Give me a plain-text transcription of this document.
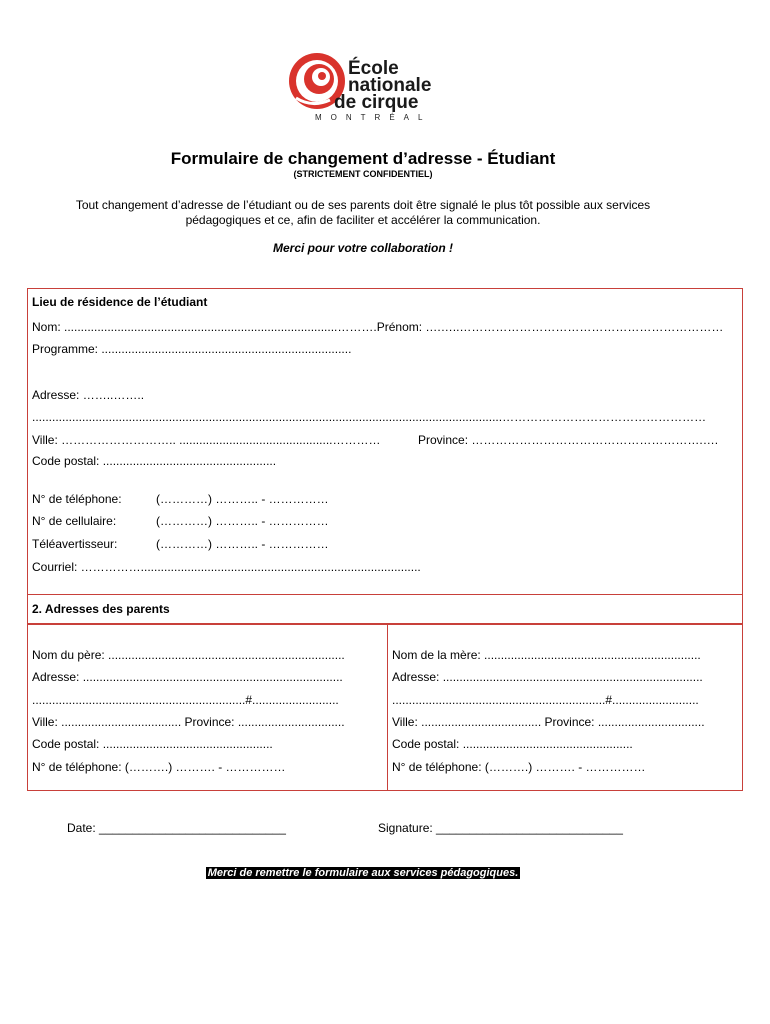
École
nationale
de cirque
MONTRÉAL
Formulaire de changement d’adresse - Étudiant
(STRICTEMENT CONFIDENTIEL)
Tout changement d’adresse de l’étudiant ou de ses parents doit être signalé le plus tôt possible aux services pédagogiques et ce, afin de faciliter et accélérer la communication.
Merci pour votre collaboration !
Lieu de résidence de l’étudiant
Nom: ..................................................................................……….Prénom: ….…..…………………………………………………………
Programme: ...........................................................................
Adresse: ……..……..
.............................................................................................................................................……………………………………………
Ville: ……………………….. ..............................................…………	Province: ………………………………………………….….
Code postal: ....................................................
N° de téléphone:	(…………) ……….. - ……………
N° de cellulaire:	(…………) ……….. - ……………
Téléavertisseur:	(…………) ……….. - ……………
Courriel: ……………....................................................................................
2. Adresses des parents
Nom du père: .......................................................................
Adresse: ..............................................................................
................................................................#..........................
Ville: .................................... Province: ................................
Code postal: ...................................................
N° de téléphone: (……….) ………. - ……………
Nom de la mère: .................................................................
Adresse: ..............................................................................
................................................................#..........................
Ville: .................................... Province: ................................
Code postal: ...................................................
N° de téléphone: (……….) ………. - ……………
Date: ____________________________	Signature: ____________________________
Merci de remettre le formulaire aux services pédagogiques.
